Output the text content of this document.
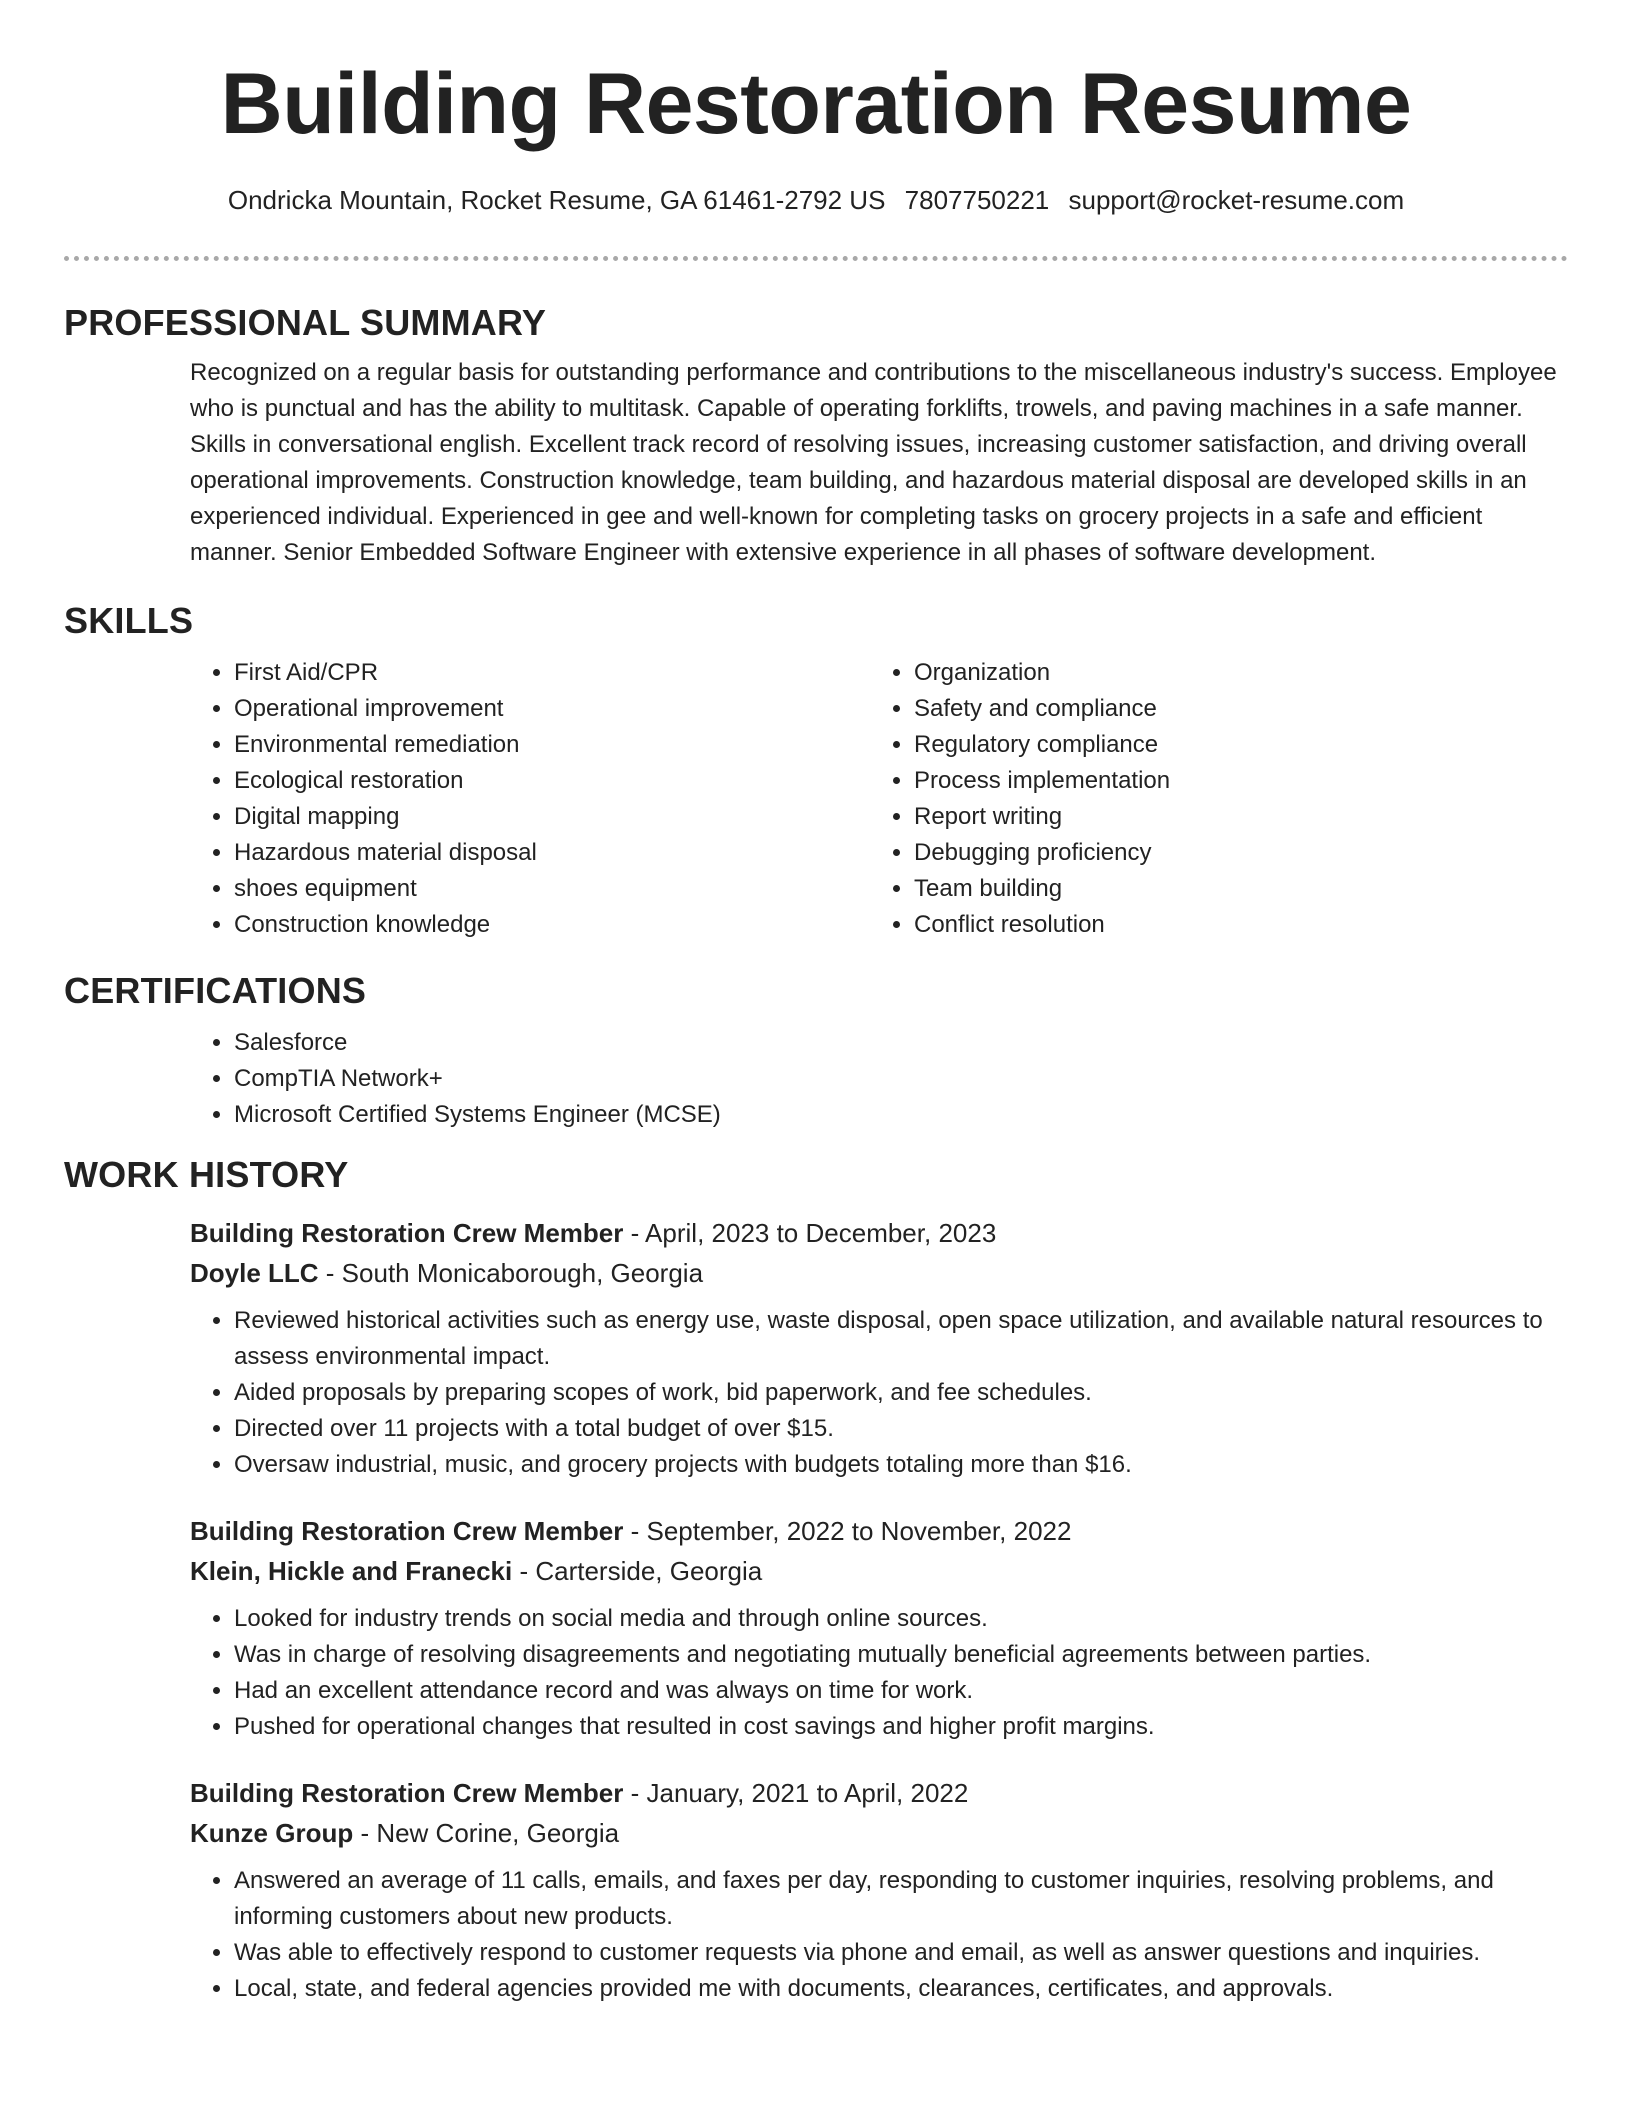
Building Restoration Resume
Ondricka Mountain, Rocket Resume, GA 61461-2792 US 7807750221 support@rocket-resume.com
PROFESSIONAL SUMMARY

Recognized on a regular basis for outstanding performance and contributions to the miscellaneous industry's success. Employee who is punctual and has the ability to multitask. Capable of operating forklifts, trowels, and paving machines in a safe manner. Skills in conversational english. Excellent track record of resolving issues, increasing customer satisfaction, and driving overall operational improvements. Construction knowledge, team building, and hazardous material disposal are developed skills in an experienced individual. Experienced in gee and well-known for completing tasks on grocery projects in a safe and efficient manner. Senior Embedded Software Engineer with extensive experience in all phases of software development.

SKILLS
• First Aid/CPR
• Operational improvement
• Environmental remediation
• Ecological restoration
• Digital mapping
• Hazardous material disposal
• shoes equipment
• Construction knowledge
• Organization
• Safety and compliance
• Regulatory compliance
• Process implementation
• Report writing
• Debugging proficiency
• Team building
• Conflict resolution
CERTIFICATIONS
• Salesforce
• CompTIA Network+
• Microsoft Certified Systems Engineer (MCSE)
WORK HISTORY
Building Restoration Crew Member - April, 2023 to December, 2023
Doyle LLC - South Monicaborough, Georgia
• Reviewed historical activities such as energy use, waste disposal, open space utilization, and available natural resources to assess environmental impact.
• Aided proposals by preparing scopes of work, bid paperwork, and fee schedules.
• Directed over 11 projects with a total budget of over $15.
• Oversaw industrial, music, and grocery projects with budgets totaling more than $16.
Building Restoration Crew Member - September, 2022 to November, 2022
Klein, Hickle and Franecki - Carterside, Georgia
• Looked for industry trends on social media and through online sources.
• Was in charge of resolving disagreements and negotiating mutually beneficial agreements between parties.
• Had an excellent attendance record and was always on time for work.
• Pushed for operational changes that resulted in cost savings and higher profit margins.
Building Restoration Crew Member - January, 2021 to April, 2022
Kunze Group - New Corine, Georgia
• Answered an average of 11 calls, emails, and faxes per day, responding to customer inquiries, resolving problems, and informing customers about new products.
• Was able to effectively respond to customer requests via phone and email, as well as answer questions and inquiries.
• Local, state, and federal agencies provided me with documents, clearances, certificates, and approvals.
